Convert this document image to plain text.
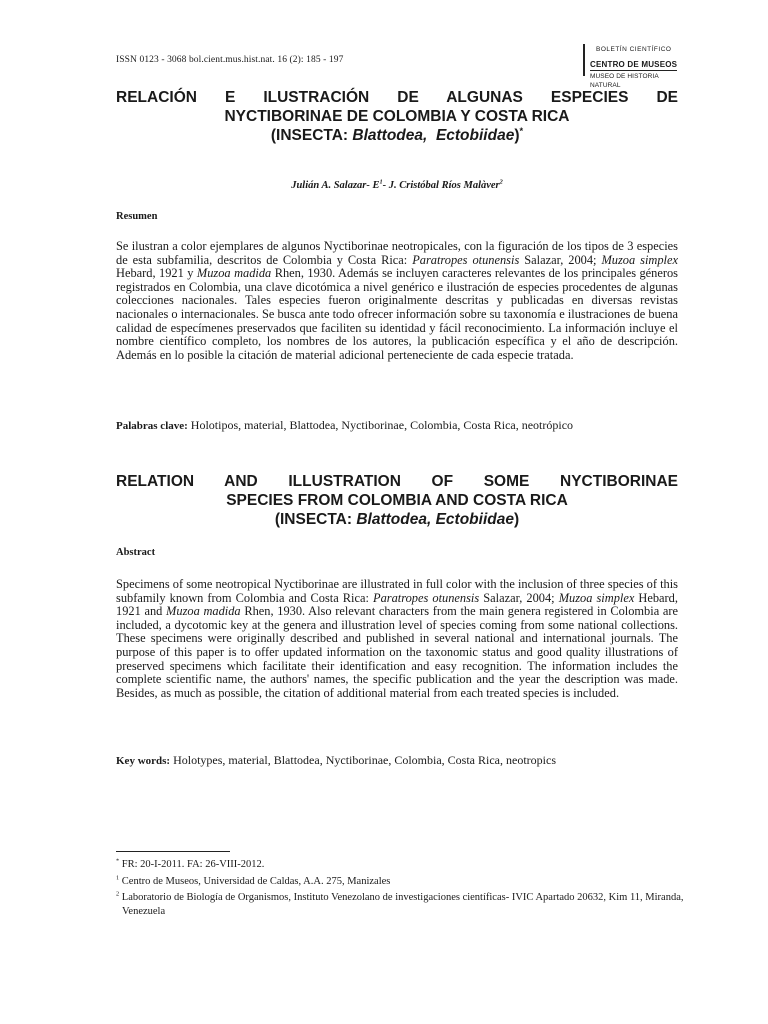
ISSN 0123 - 3068 bol.cient.mus.hist.nat. 16 (2): 185 - 197
BOLETÍN CIENTÍFICO
CENTRO DE MUSEOS
MUSEO DE HISTORIA NATURAL
RELACIÓN E ILUSTRACIÓN DE ALGUNAS ESPECIES DE
NYCTIBORINAE DE COLOMBIA Y COSTA RICA
(INSECTA: Blattodea, Ectobiidae)*
Julián A. Salazar- $E^1-$ J. Cristóbal Ríos Malàver$^2$
Resumen
Se ilustran a color ejemplares de algunos Nyctiborinae neotropicales, con la figuración de los tipos de 3 especies de esta subfamilia, descritos de Colombia y Costa Rica: Paratropes otunensis Salazar, 2004; Muzoa simplex Hebard, 1921 y Muzoa madida Rhen, 1930. Además se incluyen caracteres relevantes de los principales géneros registrados en Colombia, una clave dicotómica a nivel genérico e ilustración de especies procedentes de algunas colecciones nacionales. Tales especies fueron originalmente descritas y publicadas en diversas revistas nacionales o internacionales. Se busca ante todo ofrecer información sobre su taxonomía e ilustraciones de buena calidad de especímenes preservados que faciliten su identidad y fácil reconocimiento. La información incluye el nombre científico completo, los nombres de los autores, la publicación específica y el año de descripción. Además en lo posible la citación de material adicional perteneciente de cada especie tratada.
Palabras clave: Holotipos, material, Blattodea, Nyctiborinae, Colombia, Costa Rica, neotrópico
RELATION AND ILLUSTRATION OF SOME NYCTIBORINAE
SPECIES FROM COLOMBIA AND COSTA RICA
(INSECTA: Blattodea, Ectobiidae)
Abstract
Specimens of some neotropical Nyctiborinae are illustrated in full color with the inclusion of three species of this subfamily known from Colombia and Costa Rica: Paratropes otunensis Salazar, 2004; Muzoa simplex Hebard, 1921 and Muzoa madida Rhen, 1930. Also relevant characters from the main genera registered in Colombia are included, a dycotomic key at the genera and illustration level of species coming from some national collections. These specimens were originally described and published in several national and international journals. The purpose of this paper is to offer updated information on the taxonomic status and good quality illustrations of preserved specimens which facilitate their identification and easy recognition. The information includes the complete scientific name, the authors' names, the specific publication and the year the description was made. Besides, as much as possible, the citation of additional material from each treated species is included.
Key words: Holotypes, material, Blattodea, Nyctiborinae, Colombia, Costa Rica, neotropics
* FR: 20-I-2011. FA: 26-VIII-2012.
$^1$ Centro de Museos, Universidad de Caldas, A.A. 275, Manizales
$^2$ Laboratorio de Biología de Organismos, Instituto Venezolano de investigaciones científicas- IVIC Apartado 20632, Kim 11, Miranda, Venezuela
